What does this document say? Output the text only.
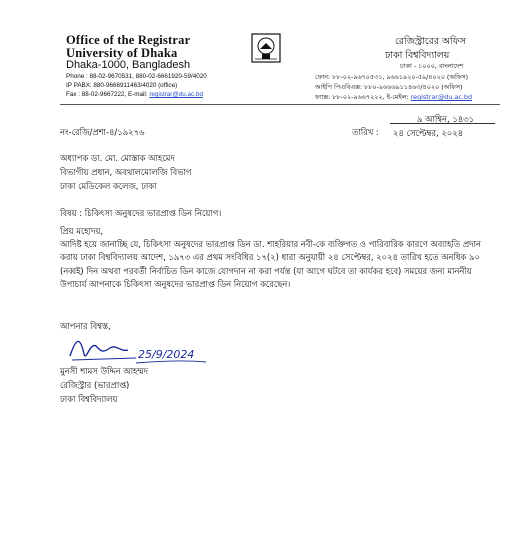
Office of the Registrar
University of Dhaka
Dhaka-1000, Bangladesh
Phone : 88-02-9670531, 880-02-6661920-59/4020
IP PABX: 880-9666911463/4020 (office)
Fax : 88-02-9667222, E-mail: registrar@du.ac.bd
রেজিস্ট্রারের অফিস
ঢাকা বিশ্ববিদ্যালয়
ঢাকা - ১০০০, বাংলাদেশ
ফোন: ৮৮-০২-৯৬৭০৫৩১, ৯৬৬১৯২০-৫৯/৪০২০ (অফিস)
আইপি পিএবিএক্স: ৮৮০-৯৬৬৬৯১১৪৬৩/৪০২০ (অফিস)
ফ্যাক্স: ৮৮-০২-৯৬৬৭২২২, ই-মেইল: registrar@du.ac.bd
নং-রেজি/প্রশা-৪/১৯২৭৬
৯ আশ্বিন, ১৪৩১
তারিখ : ২৪ সেপ্টেম্বর, ২০২৪
অধ্যাপক ডা. মো. মোস্তাক আহমেদ
বিভাগীয় প্রধান, অবথালমোলজি বিভাগ
ঢাকা মেডিকেল কলেজ, ঢাকা
বিষয় : চিকিৎসা অনুষদের ভারপ্রাপ্ত ডিন নিয়োগ।
প্রিয় মহোদয়,
আদিষ্ট হয়ে জানাচ্ছি যে, চিকিৎসা অনুষদের ভারপ্রাপ্ত ডিন ডা. শাহরিয়ার নবী-কে ব্যক্তিগত ও পারিবারিক কারণে অব্যাহতি প্রদান করায় ঢাকা বিশ্ববিদ্যালয় আদেশ, ১৯৭৩ এর প্রথম সংবিধির ১৭(২) ধারা অনুযায়ী ২৪ সেপ্টেম্বর, ২০২৪ তারিখ হতে অনধিক ৯০ (নব্বই) দিন অথবা পরবর্তী নির্বাচিত ডিন কাজে যোগদান না করা পর্যন্ত (যা আগে ঘটবে তা কার্যকর হবে) সময়ের জন্য মাননীয় উপাচার্য আপনাকে চিকিৎসা অনুষদের ভারপ্রাপ্ত ডিন নিয়োগ করেছেন।
আপনার বিশ্বস্ত,
25/9/2024
মুনসী শামস উদ্দিন আহম্মদ
রেজিস্ট্রার (ভারপ্রাপ্ত)
ঢাকা বিশ্ববিদ্যালয়
